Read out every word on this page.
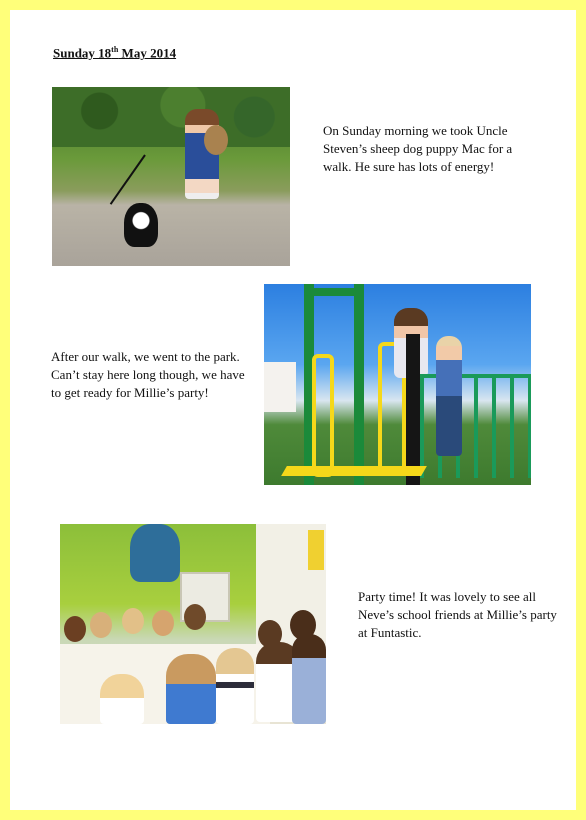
Sunday 18th May 2014
On Sunday morning we took Uncle Steven’s sheep dog puppy Mac for a walk. He sure has lots of energy!
After our walk, we went to the park. Can’t stay here long though, we have to get ready for Millie’s party!
Party time! It was lovely to see all Neve’s school friends at Millie’s party at Funtastic.
